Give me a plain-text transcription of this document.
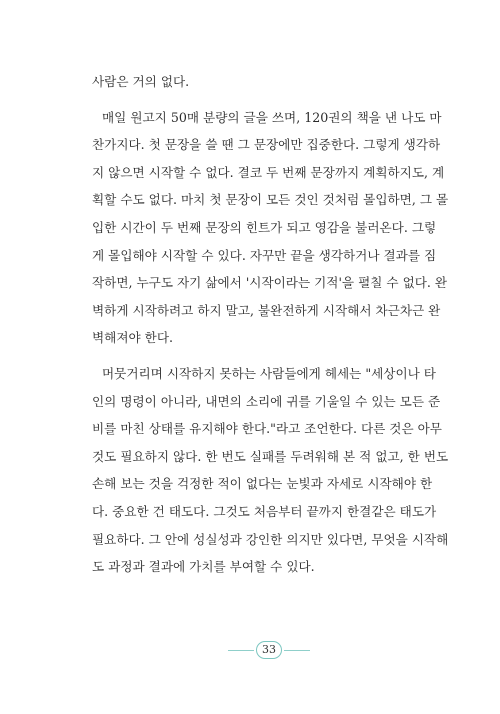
사람은 거의 없다.
매일 원고지 50매 분량의 글을 쓰며, 120권의 책을 낸 나도 마
찬가지다. 첫 문장을 쓸 땐 그 문장에만 집중한다. 그렇게 생각하
지 않으면 시작할 수 없다. 결코 두 번째 문장까지 계획하지도, 계
획할 수도 없다. 마치 첫 문장이 모든 것인 것처럼 몰입하면, 그 몰
입한 시간이 두 번째 문장의 힌트가 되고 영감을 불러온다. 그렇
게 몰입해야 시작할 수 있다. 자꾸만 끝을 생각하거나 결과를 짐
작하면, 누구도 자기 삶에서 '시작이라는 기적'을 펼칠 수 없다. 완
벽하게 시작하려고 하지 말고, 불완전하게 시작해서 차근차근 완
벽해져야 한다.
머뭇거리며 시작하지 못하는 사람들에게 헤세는 "세상이나 타
인의 명령이 아니라, 내면의 소리에 귀를 기울일 수 있는 모든 준
비를 마친 상태를 유지해야 한다."라고 조언한다. 다른 것은 아무
것도 필요하지 않다. 한 번도 실패를 두려워해 본 적 없고, 한 번도
손해 보는 것을 걱정한 적이 없다는 눈빛과 자세로 시작해야 한
다. 중요한 건 태도다. 그것도 처음부터 끝까지 한결같은 태도가
필요하다. 그 안에 성실성과 강인한 의지만 있다면, 무엇을 시작해
도 과정과 결과에 가치를 부여할 수 있다.
33
